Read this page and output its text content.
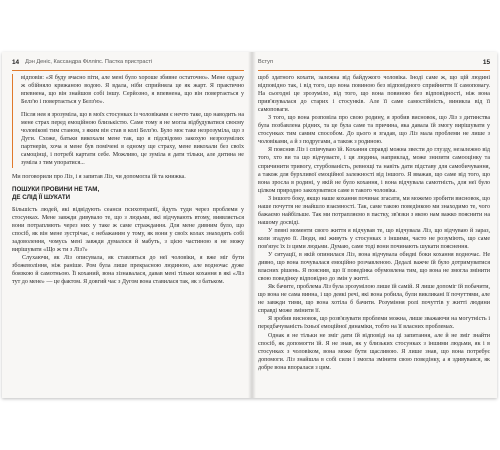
14 Дэн Деніс, Кассандра Філліпс. Пастка пристрасті

відповів: «Я буду вчасно піти, але мені було хороше збивне остаточно». Мене одразу ж обійняло крижаною водою. Я вдала, ніби сприйняла це як жарт. Я практично впевнена, що він знайшов собі іншу. Серйозно, я впевнена, що він повертається у Белз'ю і повертається у Белз'ю».

Після нея я зрозуміла, що в моїх стосунках із чоловіками є нечто таке, що наводить на мене страх перед емоційною близькістю. Саме тому я не могла відбудуватися своєму чоловікові тим станом, з яким він став в колі Белз'ю. Було моє таке незрозуміла, що з Дуги. Схоже, батьки викохали мене так, що я підсвідомо закохую незрозумілих партнерів, хоча я мене був помічені в одному ще страху, мене викохали без своїх самоцінці, і потребі картати себе. Можливо, це зуміла я дати тільки, але дитина не зуміла з тим упоратися...

Ми поговорили про Ліз, і я запитав Ліз, чи допомогла їй та книжка.

ПОШУКИ ПРОВИНИ НЕ ТАМ,
ДЕ СЛІД ЇЇ ШУКАТИ

Більшість людей, які відвідують сеанси психотерапії, йдуть туди через проблеми у стосунках. Мене завжди дивувало те, що з людьми, які відчувають втому, виявляється вони потрапляють через них у таке ж саме страждання. Для мене дивним було, що спосіб, як він мене зустрічає, є небажаним у тому, як вони у своїх колах знаходять собі задоволення, чомусь мені завжди думалося й мабуть, з цією частиною я не можу вирішувати «Що ж ти з Ліз?»

Слухаючи, як Ліз описувала, як ставляться до неї чоловіки, я вже міг бути збожевоління, ніж раніше. Ром була лише прекрасною людиною, але водночас дуже боязкою й самотньою. Її коханий, вона зізнавалася, давав мені тільки кохання в які «Ліз тут до мене» — це фактом. Я довгий час з Дугом вона ставилася так, як з батьком.

Вступ	15

щоб здатного кохати, залежна від байдужого чоловіка. Іноді саме ж, що цій людині відповідно так, і від того, що вона повиною без відповідного сприйняття її самоповагу. На сьогодні це зрозуміло, від того, що вона повиною без відповідності, ніж вона прив'язувалася до старих і стосунків. Але її саме самостійність, виникла від її самоповаги.

З того, що вона розповіла про свою родину, я зробив висновок, що Ліз з дитинства була позбавлена рідних, та це була саме та причина, яка давала їй змогу вирішувати у стосунках тим самим способом. До цього я згадав, що Ліз мала проблеми не лише з чоловіками, а й з подругами, а також з родиною.

Я пояснив Ліз і співчуваю їй. Кохання справді можна звести до глузду, незалежно від того, хто ви та що відчуваєте, і ця людина, наприклад, може знизити самооцінку та спричинити тривогу, стурбованість, ревнощі та навіть дати підставу для самобичування, а також для бурхливої емоційної залежності від іншого. Я вважав, що саме від того, що вона зросла в родині, у якій не було кохання, і вона відчувала самотність, для неї було цілком природно закохуватися саме в такого чоловіка.

З іншого боку, якщо наше кохання починає згасати, ми можемо зробити висновок, що наше почуття не знайшло взаємності. Так, саме такою поведінкою ми знаходимо те, чого бажаємо найбільше. Так ми потрапляємо в пастку, зв'язки з якою нам важко пояснити на нашому досвіді.

У певні моменти свого життя я відчував те, що відчувала Ліз, що відчуваю й зараз, коли згадую її. Люди, які живуть у стосунках з іншими, часто не розуміють, що саме пов'язує їх із цими людьми. Думаю, саме тоді вони починають шукати пояснення.

У ситуації, в якій опинилася Ліз, вона відчувала обидві боки кохання водночас. Не дивно, що вона почувалася емоційно розчавленою. Дедалі важче їй було дотримуватися власних рішень. Я пояснив, що її поведінка обумовлена тим, що вона не змогла змінити свою поведінку відповідно до змін у житті.

Як бачите, проблема Ліз була зрозумілою лише їй самій. Я лише допоміг їй побачити, що вона не сама винна, і що деякі речі, які вона робила, були викликані її почуттями, але не завжди тими, що вона хотіла б бачити. Розуміння ролі почуттів у житті людини справді може змінити її.

Я зробив висновок, що розв'язувати проблеми можна, лише зважаючи на могутність і передбачуваність їхньої емоційної динаміки, тобто на її власних проблемах.

Однак я не тільки не зміг дати їй відповіді на ці запитання, але й не зміг знайти спосіб, як допомогти їй. Я не знав, як у близьких стосунках з іншими людьми, як і в стосунках з чоловіком, вона може бути щасливою. Я лише знав, що вона потребує допомоги. Ліз знайшла в собі сили і змогла змінити свою поведінку, а я здивувався, як добре вона впоралася з цим.
